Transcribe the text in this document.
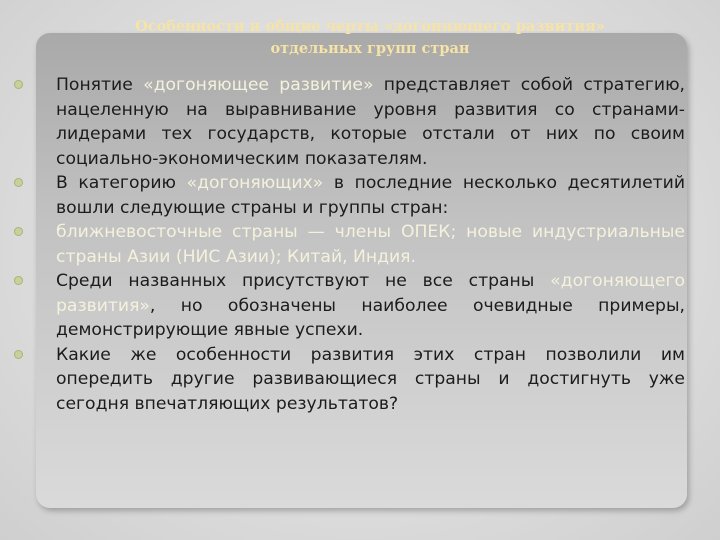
Особенности и общие черты «догоняющего развития»
отдельных групп стран
Понятие «догоняющее развитие» представляет собой стратегию, нацеленную на выравнивание уровня развития со странами-лидерами тех государств, которые отстали от них по своим социально-экономическим показателям.
В категорию «догоняющих» в последние несколько десятилетий вошли следующие страны и группы стран:
ближневосточные страны — члены ОПЕК; новые индустриальные страны Азии (НИС Азии); Китай, Индия.
Среди названных присутствуют не все страны «догоняющего развития», но обозначены наиболее очевидные примеры, демонстрирующие явные успехи.
Какие же особенности развития этих стран позволили им опередить другие развивающиеся страны и достигнуть уже сегодня впечатляющих результатов?
